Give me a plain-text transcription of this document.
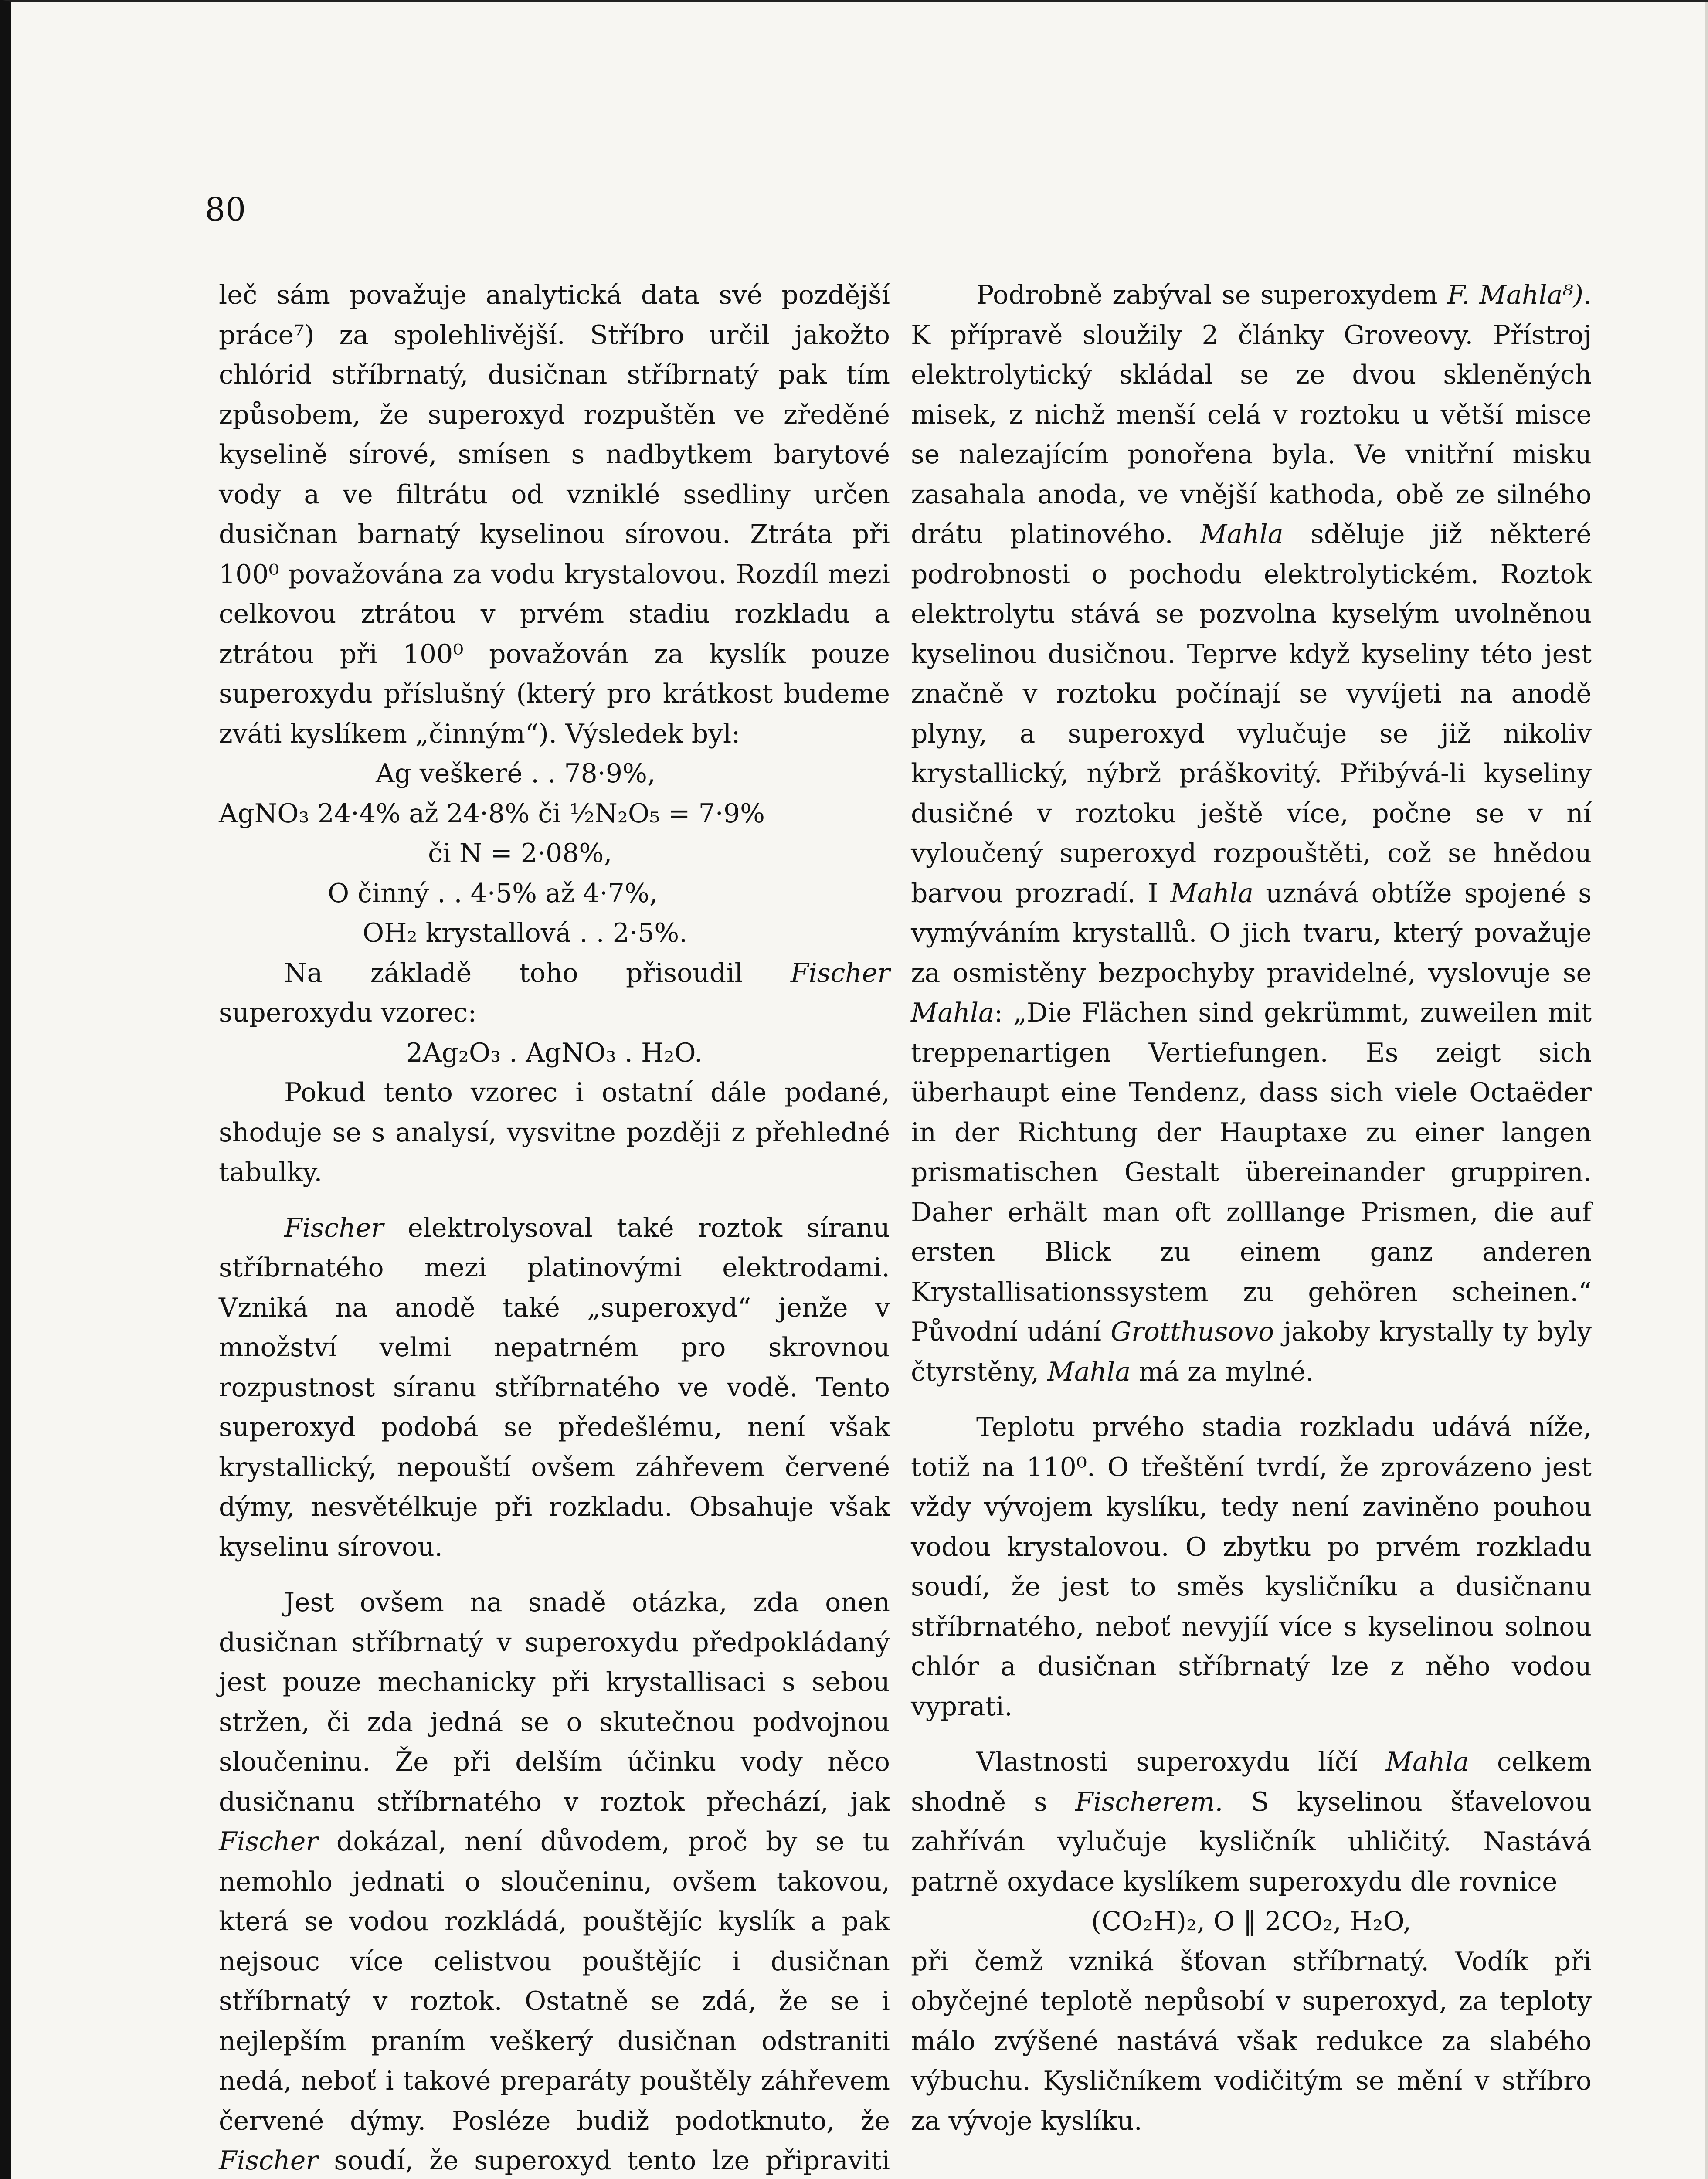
80

leč sám považuje analytická data své pozdější práce⁷) za spolehlivější. Stříbro určil jakožto chlórid stříbrnatý, dusičnan stříbrnatý pak tím způsobem, že superoxyd rozpuštěn ve zředěné kyselině sírové, smísen s nadbytkem barytové vody a ve filtrátu od vzniklé ssedliny určen dusičnan barnatý kyselinou sírovou. Ztráta při 100⁰ považována za vodu krystalovou. Rozdíl mezi celkovou ztrátou v prvém stadiu rozkladu a ztrátou při 100⁰ považován za kyslík pouze superoxydu příslušný (který pro krátkost budeme zváti kyslíkem „činným“). Výsledek byl:

Ag veškeré . . 78·9%,
AgNO₃ 24·4% až 24·8% či ½N₂O₅ = 7·9%
či N = 2·08%,
O činný . . 4·5% až 4·7%,
OH₂ krystallová . . 2·5%.

Na základě toho přisoudil Fischer superoxydu vzorec:

2Ag₂O₃ . AgNO₃ . H₂O.

Pokud tento vzorec i ostatní dále podané, shoduje se s analysí, vysvitne později z přehledné tabulky.

Fischer elektrolysoval také roztok síranu stříbrnatého mezi platinovými elektrodami. Vzniká na anodě také „superoxyd“ jenže v množství velmi nepatrném pro skrovnou rozpustnost síranu stříbrnatého ve vodě. Tento superoxyd podobá se předešlému, není však krystallický, nepouští ovšem záhřevem červené dýmy, nesvětélkuje při rozkladu. Obsahuje však kyselinu sírovou.

Jest ovšem na snadě otázka, zda onen dusičnan stříbrnatý v superoxydu předpokládaný jest pouze mechanicky při krystallisaci s sebou stržen, či zda jedná se o skutečnou podvojnou sloučeninu. Že při delším účinku vody něco dusičnanu stříbrnatého v roztok přechází, jak Fischer dokázal, není důvodem, proč by se tu nemohlo jednati o sloučeninu, ovšem takovou, která se vodou rozkládá, pouštějíc kyslík a pak nejsouc více celistvou pouštějíc i dusičnan stříbrnatý v roztok. Ostatně se zdá, že se i nejlepším praním veškerý dusičnan odstraniti nedá, neboť i takové preparáty pouštěly záhřevem červené dýmy. Posléze budiž podotknuto, že Fischer soudí, že superoxyd tento lze připraviti

Podrobně zabýval se superoxydem F. Mahla⁸). K přípravě sloužily 2 články Groveovy. Přístroj elektrolytický skládal se ze dvou skleněných misek, z nichž menší celá v roztoku u větší misce se nalezajícím ponořena byla. Ve vnitřní misku zasahala anoda, ve vnější kathoda, obě ze silného drátu platinového. Mahla sděluje již některé podrobnosti o pochodu elektrolytickém. Roztok elektrolytu stává se pozvolna kyselým uvolněnou kyselinou dusičnou. Teprve když kyseliny této jest značně v roztoku počínají se vyvíjeti na anodě plyny, a superoxyd vylučuje se již nikoliv krystallický, nýbrž práškovitý. Přibývá-li kyseliny dusičné v roztoku ještě více, počne se v ní vyloučený superoxyd rozpouštěti, což se hnědou barvou prozradí. I Mahla uznává obtíže spojené s vymýváním krystallů. O jich tvaru, který považuje za osmistěny bezpochyby pravidelné, vyslovuje se Mahla: „Die Flächen sind gekrümmt, zuweilen mit treppenartigen Vertiefungen. Es zeigt sich überhaupt eine Tendenz, dass sich viele Octaëder in der Richtung der Hauptaxe zu einer langen prismatischen Gestalt übereinander gruppiren. Daher erhält man oft zolllange Prismen, die auf ersten Blick zu einem ganz anderen Krystallisationssystem zu gehören scheinen.“ Původní udání Grotthusovo jakoby krystally ty byly čtyrstěny, Mahla má za mylné.

Teplotu prvého stadia rozkladu udává níže, totiž na 110⁰. O třeštění tvrdí, že zprovázeno jest vždy vývojem kyslíku, tedy není zaviněno pouhou vodou krystalovou. O zbytku po prvém rozkladu soudí, že jest to směs kysličníku a dusičnanu stříbrnatého, neboť nevyjíí více s kyselinou solnou chlór a dusičnan stříbrnatý lze z něho vodou vyprati.

Vlastnosti superoxydu líčí Mahla celkem shodně s Fischerem. S kyselinou šťavelovou zahříván vylučuje kysličník uhličitý. Nastává patrně oxydace kyslíkem superoxydu dle rovnice

(CO₂H)₂, O ‖ 2CO₂, H₂O,

při čemž vzniká šťovan stříbrnatý. Vodík při obyčejné teplotě nepůsobí v superoxyd, za teploty málo zvýšené nastává však redukce za slabého výbuchu. Kysličníkem vodičitým se mění v stříbro za vývoje kyslíku.
